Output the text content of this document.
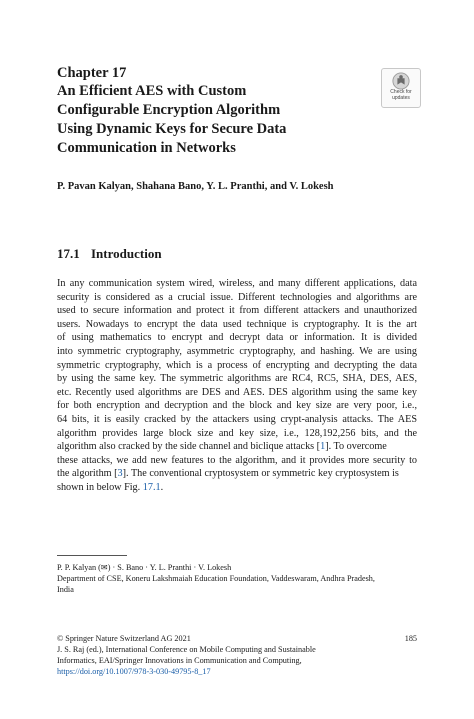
Chapter 17
An Efficient AES with Custom
Configurable Encryption Algorithm
Using Dynamic Keys for Secure Data
Communication in Networks
Check for
updates
P. Pavan Kalyan, Shahana Bano, Y. L. Pranthi, and V. Lokesh
17.1 Introduction
In any communication system wired, wireless, and many different applications, data
security is considered as a crucial issue. Different technologies and algorithms are
used to secure information and protect it from different attackers and unauthorized
users. Nowadays to encrypt the data used technique is cryptography. It is the art
of using mathematics to encrypt and decrypt data or information. It is divided
into symmetric cryptography, asymmetric cryptography, and hashing. We are using
symmetric cryptography, which is a process of encrypting and decrypting the data
by using the same key. The symmetric algorithms are RC4, RC5, SHA, DES, AES,
etc. Recently used algorithms are DES and AES. DES algorithm using the same key
for both encryption and decryption and the block and key size are very poor, i.e.,
64 bits, it is easily cracked by the attackers using crypt-analysis attacks. The AES
algorithm provides large block size and key size, i.e., 128,192,256 bits, and the
algorithm also cracked by the side channel and biclique attacks [1]. To overcome
these attacks, we add new features to the algorithm, and it provides more security to
the algorithm [3]. The conventional cryptosystem or symmetric key cryptosystem is
shown in below Fig. 17.1.
P. P. Kalyan (✉) · S. Bano · Y. L. Pranthi · V. Lokesh
Department of CSE, Koneru Lakshmaiah Education Foundation, Vaddeswaram, Andhra Pradesh,
India
© Springer Nature Switzerland AG 2021
J. S. Raj (ed.), International Conference on Mobile Computing and Sustainable
Informatics, EAI/Springer Innovations in Communication and Computing,
https://doi.org/10.1007/978-3-030-49795-8_17
185
